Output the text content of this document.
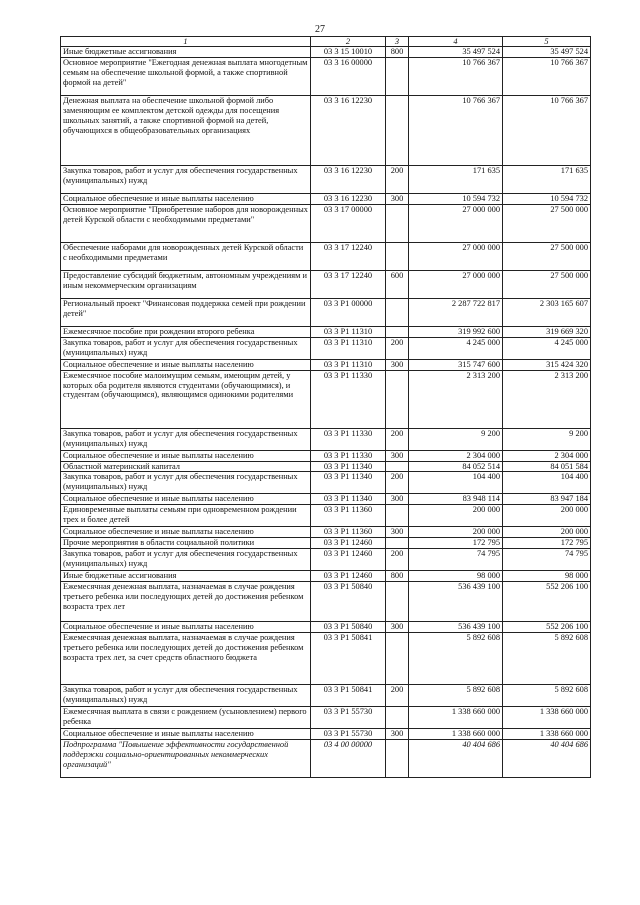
27
1	2	3	4	5
Иные бюджетные ассигнования	03 3 15 10010	800	35 497 524	35 497 524
Основное мероприятие "Ежегодная денежная выплата многодетным семьям на обеспечение школьной формой, а также спортивной формой на детей"	03 3 16 00000		10 766 367	10 766 367
Денежная выплата на обеспечение школьной формой либо заменяющим ее комплектом детской одежды для посещения школьных занятий, а также спортивной формой на детей, обучающихся в общеобразовательных организациях	03 3 16 12230		10 766 367	10 766 367
Закупка товаров, работ и услуг для обеспечения государственных (муниципальных) нужд	03 3 16 12230	200	171 635	171 635
Социальное обеспечение и иные выплаты населению	03 3 16 12230	300	10 594 732	10 594 732
Основное мероприятие "Приобретение наборов для новорожденных детей Курской области с необходимыми предметами"	03 3 17 00000		27 000 000	27 500 000
Обеспечение наборами для новорожденных детей Курской области с необходимыми предметами	03 3 17 12240		27 000 000	27 500 000
Предоставление субсидий бюджетным, автономным учреждениям и иным некоммерческим организациям	03 3 17 12240	600	27 000 000	27 500 000
Региональный проект "Финансовая поддержка семей при рождении детей"	03 3 P1 00000		2 287 722 817	2 303 165 607
Ежемесячное пособие при рождении второго ребенка	03 3 P1 11310		319 992 600	319 669 320
Закупка товаров, работ и услуг для обеспечения государственных (муниципальных) нужд	03 3 P1 11310	200	4 245 000	4 245 000
Социальное обеспечение и иные выплаты населению	03 3 P1 11310	300	315 747 600	315 424 320
Ежемесячное пособие малоимущим семьям, имеющим детей, у которых оба родителя являются студентами (обучающимися), и студентам (обучающимся), являющимся одинокими родителями	03 3 P1 11330		2 313 200	2 313 200
Закупка товаров, работ и услуг для обеспечения государственных (муниципальных) нужд	03 3 P1 11330	200	9 200	9 200
Социальное обеспечение и иные выплаты населению	03 3 P1 11330	300	2 304 000	2 304 000
Областной материнский капитал	03 3 P1 11340		84 052 514	84 051 584
Закупка товаров, работ и услуг для обеспечения государственных (муниципальных) нужд	03 3 P1 11340	200	104 400	104 400
Социальное обеспечение и иные выплаты населению	03 3 P1 11340	300	83 948 114	83 947 184
Единовременные выплаты семьям при одновременном рождении трех и более детей	03 3 P1 11360		200 000	200 000
Социальное обеспечение и иные выплаты населению	03 3 P1 11360	300	200 000	200 000
Прочие мероприятия в области социальной политики	03 3 P1 12460		172 795	172 795
Закупка товаров, работ и услуг для обеспечения государственных (муниципальных) нужд	03 3 P1 12460	200	74 795	74 795
Иные бюджетные ассигнования	03 3 P1 12460	800	98 000	98 000
Ежемесячная денежная выплата, назначаемая в случае рождения третьего ребенка или последующих детей до достижения ребенком возраста трех лет	03 3 P1 50840		536 439 100	552 206 100
Социальное обеспечение и иные выплаты населению	03 3 P1 50840	300	536 439 100	552 206 100
Ежемесячная денежная выплата, назначаемая в случае рождения третьего ребенка или последующих детей до достижения ребенком возраста трех лет, за счет средств областного бюджета	03 3 P1 50841		5 892 608	5 892 608
Закупка товаров, работ и услуг для обеспечения государственных (муниципальных) нужд	03 3 P1 50841	200	5 892 608	5 892 608
Ежемесячная выплата в связи с рождением (усыновлением) первого ребенка	03 3 P1 55730		1 338 660 000	1 338 660 000
Социальное обеспечение и иные выплаты населению	03 3 P1 55730	300	1 338 660 000	1 338 660 000
Подпрограмма "Повышение эффективности государственной поддержки социально-ориентированных некоммерческих организаций"	03 4 00 00000		40 404 686	40 404 686
